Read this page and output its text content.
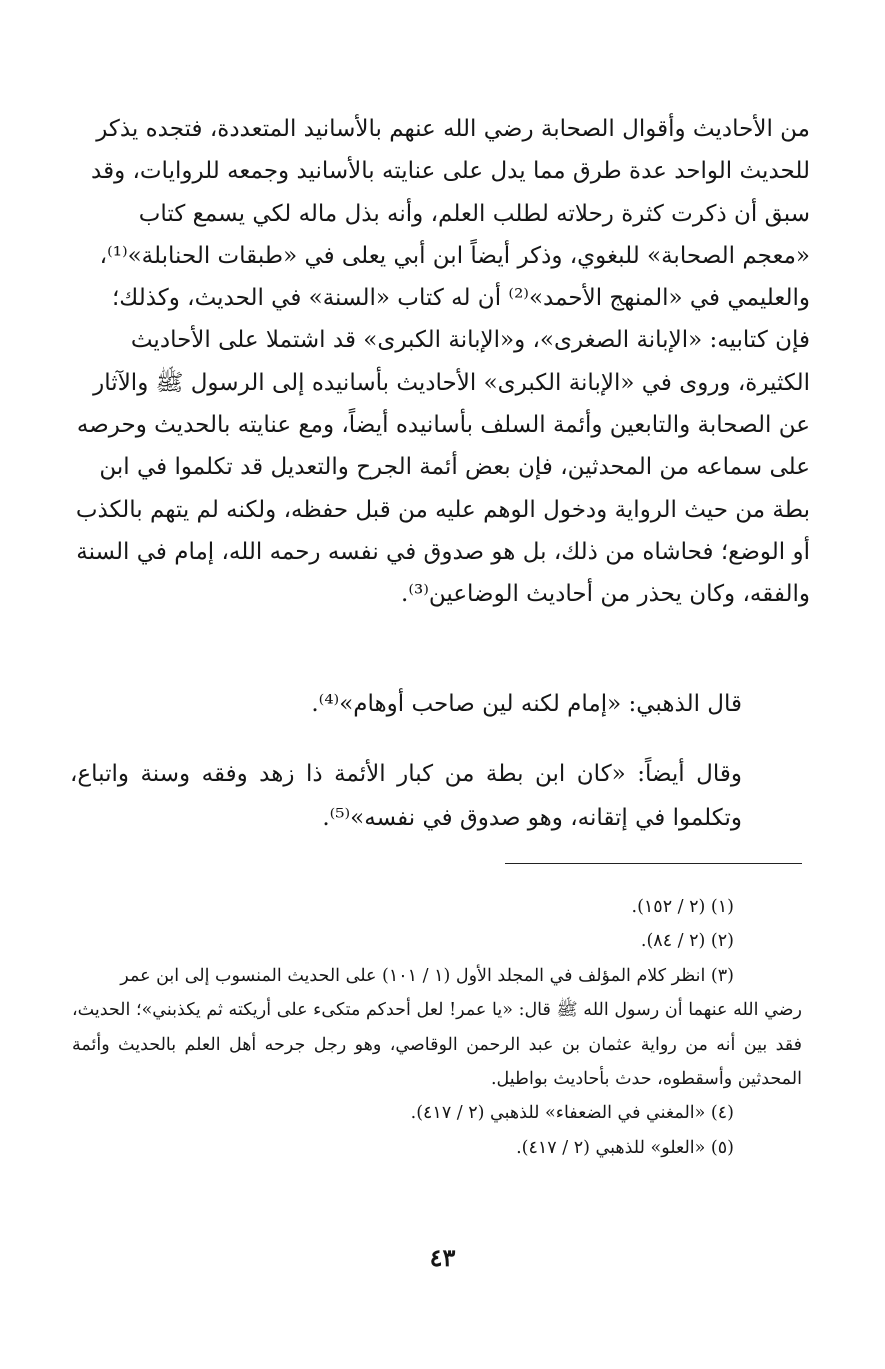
من الأحاديث وأقوال الصحابة رضي الله عنهم بالأسانيد المتعددة، فتجده يذكر
للحديث الواحد عدة طرق مما يدل على عنايته بالأسانيد وجمعه للروايات، وقد
سبق أن ذكرت كثرة رحلاته لطلب العلم، وأنه بذل ماله لكي يسمع كتاب
«معجم الصحابة» للبغوي، وذكر أيضاً ابن أبي يعلى في «طبقات الحنابلة»⁽¹⁾،
والعليمي في «المنهج الأحمد»⁽²⁾ أن له كتاب «السنة» في الحديث، وكذلك؛
فإن كتابيه: «الإبانة الصغرى»، و«الإبانة الكبرى» قد اشتملا على الأحاديث
الكثيرة، وروى في «الإبانة الكبرى» الأحاديث بأسانيده إلى الرسول ﷺ والآثار
عن الصحابة والتابعين وأئمة السلف بأسانيده أيضاً، ومع عنايته بالحديث وحرصه
على سماعه من المحدثين، فإن بعض أئمة الجرح والتعديل قد تكلموا في ابن
بطة من حيث الرواية ودخول الوهم عليه من قبل حفظه، ولكنه لم يتهم بالكذب
أو الوضع؛ فحاشاه من ذلك، بل هو صدوق في نفسه رحمه الله، إمام في السنة
والفقه، وكان يحذر من أحاديث الوضاعين⁽³⁾.
قال الذهبي: «إمام لكنه لين صاحب أوهام»⁽⁴⁾.
وقال أيضاً: «كان ابن بطة من كبار الأئمة ذا زهد وفقه وسنة واتباع، وتكلموا في إتقانه، وهو صدوق في نفسه»⁽⁵⁾.
(١) (٢ / ١٥٢).
(٢) (٢ / ٨٤).
(٣) انظر كلام المؤلف في المجلد الأول (١ / ١٠١) على الحديث المنسوب إلى ابن عمر
رضي الله عنهما أن رسول الله ﷺ قال: «يا عمر! لعل أحدكم متكىء على أريكته ثم يكذبني»؛ الحديث، فقد بين أنه من رواية عثمان بن عبد الرحمن الوقاصي، وهو رجل جرحه أهل العلم بالحديث وأئمة المحدثين وأسقطوه، حدث بأحاديث بواطيل.
(٤) «المغني في الضعفاء» للذهبي (٢ / ٤١٧).
(٥) «العلو» للذهبي (٢ / ٤١٧).
٤٣
